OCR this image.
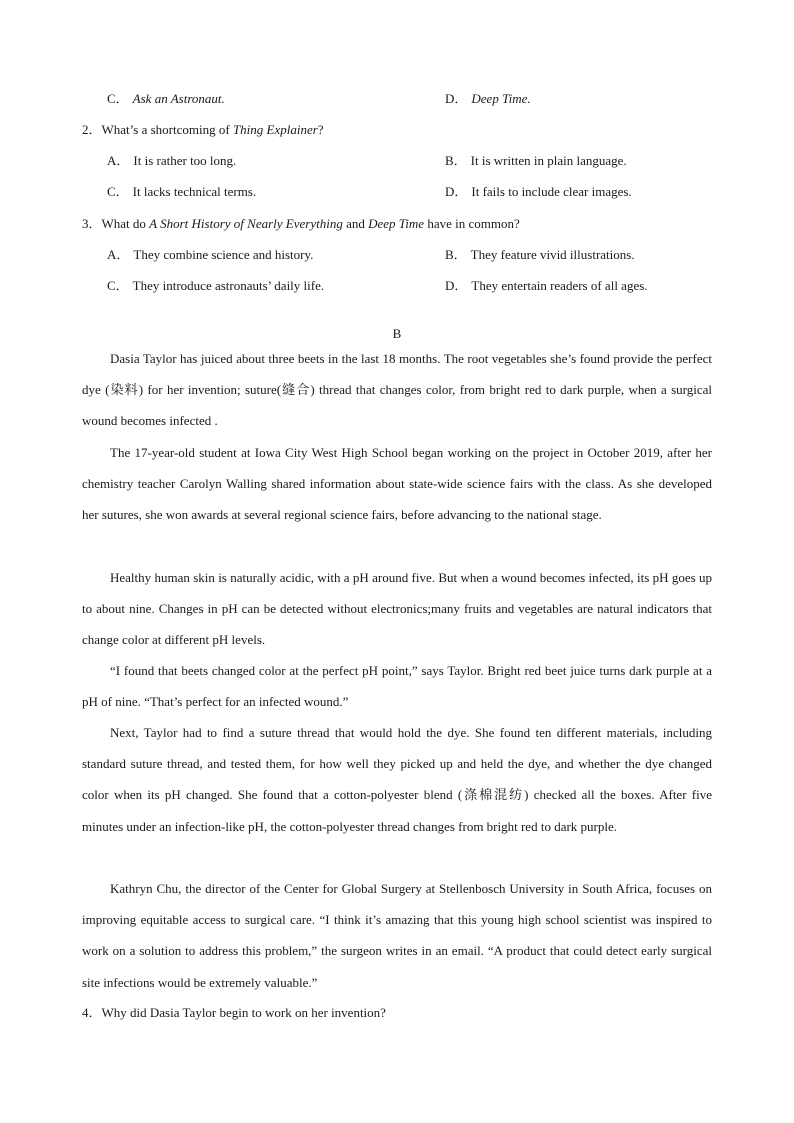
C． Ask an Astronaut.	D． Deep Time.
2．What’s a shortcoming of Thing Explainer?
A． It is rather too long.	B． It is written in plain language.
C． It lacks technical terms.	D． It fails to include clear images.
3．What do A Short History of Nearly Everything and Deep Time have in common?
A． They combine science and history.	B． They feature vivid illustrations.
C． They introduce astronauts’ daily life.	D． They entertain readers of all ages.
B

Dasia Taylor has juiced about three beets in the last 18 months. The root vegetables she’s found provide the perfect dye (染料) for her invention; suture(缝合) thread that changes color, from bright red to dark purple, when a surgical wound becomes infected .

The 17-year-old student at Iowa City West High School began working on the project in October 2019, after her chemistry teacher Carolyn Walling shared information about state-wide science fairs with the class. As she developed her sutures, she won awards at several regional science fairs, before advancing to the national stage.

Healthy human skin is naturally acidic, with a pH around five. But when a wound becomes infected, its pH goes up to about nine. Changes in pH can be detected without electronics;many fruits and vegetables are natural indicators that change color at different pH levels.

“I found that beets changed color at the perfect pH point,” says Taylor. Bright red beet juice turns dark purple at a pH of nine. “That’s perfect for an infected wound.”

Next, Taylor had to find a suture thread that would hold the dye. She found ten different materials, including standard suture thread, and tested them, for how well they picked up and held the dye, and whether the dye changed color when its pH changed. She found that a cotton-polyester blend (涤棉混纺) checked all the boxes. After five minutes under an infection-like pH, the cotton-polyester thread changes from bright red to dark purple.

Kathryn Chu, the director of the Center for Global Surgery at Stellenbosch University in South Africa, focuses on improving equitable access to surgical care. “I think it’s amazing that this young high school scientist was inspired to work on a solution to address this problem,” the surgeon writes in an email. “A product that could detect early surgical site infections would be extremely valuable.”

4．Why did Dasia Taylor begin to work on her invention?
